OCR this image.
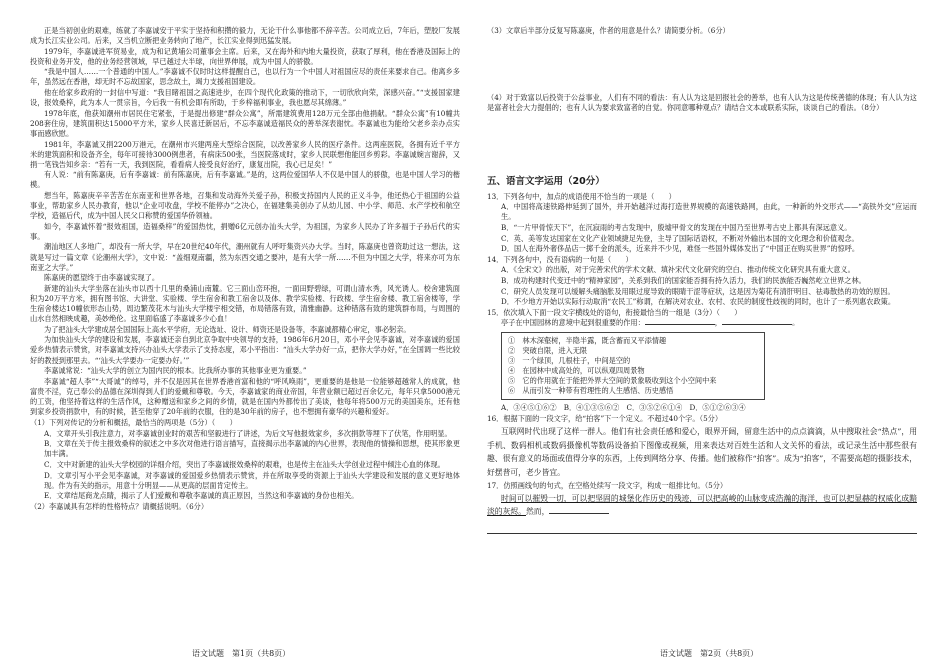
正是当初创业的艰难，练就了李嘉诚安于平实于坚持和积攒的毅力，无论干什么事他都不辞辛苦。公司成立后，7年后，塑胶厂发展成为长江实业公司。后来，又当机立断把业务转向了地产，长江实业得到迅猛发展。

1979年，李嘉诚进军贸易业，成为和记黄埔公司董事会主席。后来，又在海外和内地大量投资，获取了厚利，他在香港及国际上的投资和业务开发，他的业务经营领域，早已越过大半球，向世界伸展，成为中国人的骄傲。

“我是中国人……一个普通的中国人。”李嘉诚不仅时时这样提醒自己，也以行为一个中国人对祖国应尽的责任来要求自己。他离乡多年，虽然远在香港，却无时不忘故国家，思念故土，竭力支援祖国建设。

他在给家乡政府的一封信中写道：“我目睹祖国之高速进步，在四个现代化政策的推动下，一切欣欣向荣，深感兴奋。”“支援国家建设，报效桑梓，此为本人一贯宗旨，今后我一有机会即有所助，于乡梓福利事业，我也愿尽其绵薄。”

1978年底，他获知潮州市居民住宅紧张，于是提出修建“群众公寓”，所需建筑费用128万元全部由他捐献。“群众公寓”有10幢共208套住房，建筑面积达15000平方米，家乡人民喜迁新居后，不忘李嘉诚造福民众的善举深表谢忱。李嘉诚也为能给父老乡亲办点实事而感欣慰。

1981年，李嘉诚又捐2200万港元，在潮州市兴建两座大型综合医院，以改善家乡人民的医疗条件。这两座医院，各拥有近千平方米的建筑面积和设备齐全，每年可接待3000例患者，有病床500张，当医院落成时，家乡人民联想他能回乡剪彩。李嘉诚婉言谢辞，又捐一笔钱告知乡亲：“若有一天，我到医院，看看病人接受良好治疗，康复出院，我心已足矣！”

有人说：“前有陈嘉庚，后有李嘉诚：前有陈嘉庚，后有李嘉诚。”是的，这两位爱国华人不仅是中国人的骄傲，也是中国人学习的楷模。

想当年，陈嘉庚辛辛苦苦在东南亚和世界各地，召集和发动海外关爱子孙，积极支持国内人民的正义斗争，他还热心于祖国的公益事业，帮助家乡人民办教育，他以“企业可收盘，学校不能停办”之决心，在福建集美创办了从幼儿园、中小学、师范、水产学校和航空学校，造福后代，成为中国人民父口称赞的爱国华侨领袖。

如今，李嘉诚怀着“报效祖国，造福桑梓”的爱国热忱，捐赠6亿元创办汕头大学，为祖国，为家乡人民办了许多福于子孙后代的实事。

潮汕地区人多地广，却没有一所大学，早在20世纪40年代，潮州就有人呼吁集资兴办大学。当时，陈嘉庚也曾资助过这一想法，这就是写过一篇文章《论潮州大学》，文中说：“盖细观南疆，然为东西交通之要冲，是有大学一所……不但为中国之大学，将来亦可为东南亚之大学。”

陈嘉庚的愿望终于由李嘉诚实现了。

新建的汕头大学坐落在汕头市以西十几里的桑浦山南麓。它三面山峦环抱，一面田野碧绿，可谓山清水秀，风光诱人。校舍建筑面积为20万平方米，拥有图书馆、大讲堂、实验楼、学生宿舍和教工宿舍以及体、教学实验楼、行政楼、学生宿舍楼、教工宿舍楼等，学生宿舍楼达10幢依形态山势，周边繁茂花木与汕头大学楼宇相交错，布局错落有致，清雅幽静。这种错落有致的建筑群布局，与周围的山水自然相映成趣，美妙绝伦。这里面临盛了李嘉诚多少心血！

为了把汕头大学建成居全国国际上高水平学府，无论选址、设计、师资还是设备等，李嘉诚都精心审定，事必躬亲。

为加快汕头大学的建设和发展，李嘉诚还亲自到北京争取中央领导的支持，1986年6月20日，邓小平会见李嘉诚，对李嘉诚的爱国爱乡热情表示赞赏，对李嘉诚支持兴办汕头大学表示了支持态度，邓小平指出：“汕头大学办好一点，把你大学办好，”在全国调一些比较好的教授到那里去。“‘汕头大学要办一定要办好。’”

李嘉诚常说：“汕头大学的创立为国内民的根本。比我所办事的其他事业更为重要。”

李嘉诚“超人李”“大哥诚”的绰号，并不仅是因其在世界香港首富和他的“呼风唤雨”，更重要的是他是一位能够超越常人的成就，他富贵不淫，克己奉公的品德在深圳得到人们的爱戴和尊敬。今天，李嘉诚家的商业帝国，年营业额已超过百余亿元，每年只拿5000港元的工资，他坚持着这样的生活作风，这种赠送和家乡之间的乡情，就是在国内外都传出了美谈，他每年将500万元的美国美东，还有他到家乡投资捐款中，有的时候，甚至他穿了20年前的衣服，住的是30年前的房子，也不想拥有豪华的兴趣和爱好。

（1）下列对传记的分析和概括，最恰当的两项是（5分）（　　）

A．文章开头引我注意力，对李嘉诚创业时的艰苦和坚毅进行了讲述，为后文写他报效家乡，多次捐款等埋下了伏笔，作用明显。

B．文章在关于传主报效桑梓的叙述之中多次对他进行语言描写，直接揭示出李嘉诚的内心世界，表现他的情操和思想，使其形象更加丰满。

C．文中对新建的汕头大学校园的详细介绍，突出了李嘉诚报效桑梓的艰难，也是传主在汕头大学创业过程中倾注心血的体现。

D．文章引写小平会见李嘉诚，对李嘉诚的爱国爱乡热情表示赞赏，并在所取享受的资源上于汕头大学建设和发展的意义更好地体现。作为有关的指示，用意十分明显——从更高的层面肯定传主。

E．文章结尾商龙点睛，揭示了人们爱戴和尊敬李嘉诚的真正原因，当然这和李嘉诚的身份也相关。

（2）李嘉诚具有怎样的性格特点？请概括说明。（6分）

（3）文章后半部分反复写陈嘉庚，作者的用意是什么？请简要分析。（6分）

（4）对于致富以后投资于公益事业，人们有不同的看法：有人认为这是回报社会的善举，也有人认为这是传统善德的体现；有人认为这是富者社会大力提倡的；也有人认为要求致富者的自觉。你同意哪种观点？请结合文本或联系实际，谈谈自己的看法。（8分）

五、语言文字运用（20分）

13．下列各句中，加点的成语使用不恰当的一项是（　　）

A．中国将高速铁路伸延到了国外，并开始越洋过海打造世界规模的高速铁路网，由此，一种新的外交形式——“高铁外交”应运而生。

B．“一片甲骨惊天下”，在沉寂雨的考古发现中，殷墟甲骨文的发现在中国乃至世界考古史上都具有深远意义。

C．英、美等发达国家在文化产业领域捷足先登，主导了国际话语权，不断对外输出本国的文化理念和价值观念。

D．国人在海外奢侈品店一掷千金的派头，近来并不少见，难怪一些国外媒体发出了“中国正在购买世界”的惊呼。

14．下列各句中，没有语病的一句是（　　）

A．《全宋文》的出版，对于完善宋代的学术文献、填补宋代文化研究的空白、推动传统文化研究具有重大意义。

B．成功构建时代变迁中的“精神家园”，关系到我们的国家能否拥有持久活力，我们的民族能否巍然屹立世界之林。

C．研究人员发现可以缓解头痛脑胀及用眼过度导致的眼睛干涩等症状，这是因为菊花有清肝明目、祛毒散热的功效的原因。

D．不少地方开始以实际行动取消“农民工”称谓，在解决对农业、农村、农民的制度性歧视的同时，也计了一系列惠农政策。

15．依次填入下面一段文字横线处的语句，衔接最恰当的一组是（3分）（　　）

亭子在中国园林的意境中起到很重要的作用：	，	。

①　林木深壑树，半隐半露，既含蓄而又平添情趣

②　突破自限，进入无限

③　一个绿顶，几根柱子，中间是空的

④　在园林中成高处的，可以纵观四周景物

⑤　它的作用就在于能把外界大空间的景象吸收到这个小空间中来

⑥　从而引发一种带有哲理性的人生感悟、历史感悟

A．③④⑤①⑥②　B．④①③⑤⑥②　C．③⑤②⑥①④　D．⑤①②⑥③④

16．根据下面的一段文字，给“拍客”下一个定义。不超过40个字。（5分）

互联网时代出现了这样一群人。他们有社会责任感和爱心，眼界开阔，留意生活中的点点滴滴，从中搜取社会“热点”，用手机、数码相机或数码摄像机等数码设备拍下图像或视频，用来表达对百姓生活和人文关怀的看法，或记录生活中那些很有趣、很有意义的场面或值得分享的东西，上传到网络分享、传播。他们被称作“拍客”。成为“拍客”，不需要高超的摄影技术，好摆普可，老少皆宜。

17．仿照画线句的句式，在空格处续写一段文字，构成一组排比句。（5分）

时间可以摧毁一切，可以把坚固的城堡化作历史的残迹，可以把高峻的山脉变成浩瀚的海洋，也可以把显赫的权威化成黯淡的灰烬。然而，

语文试题　第1页（共8页）	语文试题　第2页（共8页）
